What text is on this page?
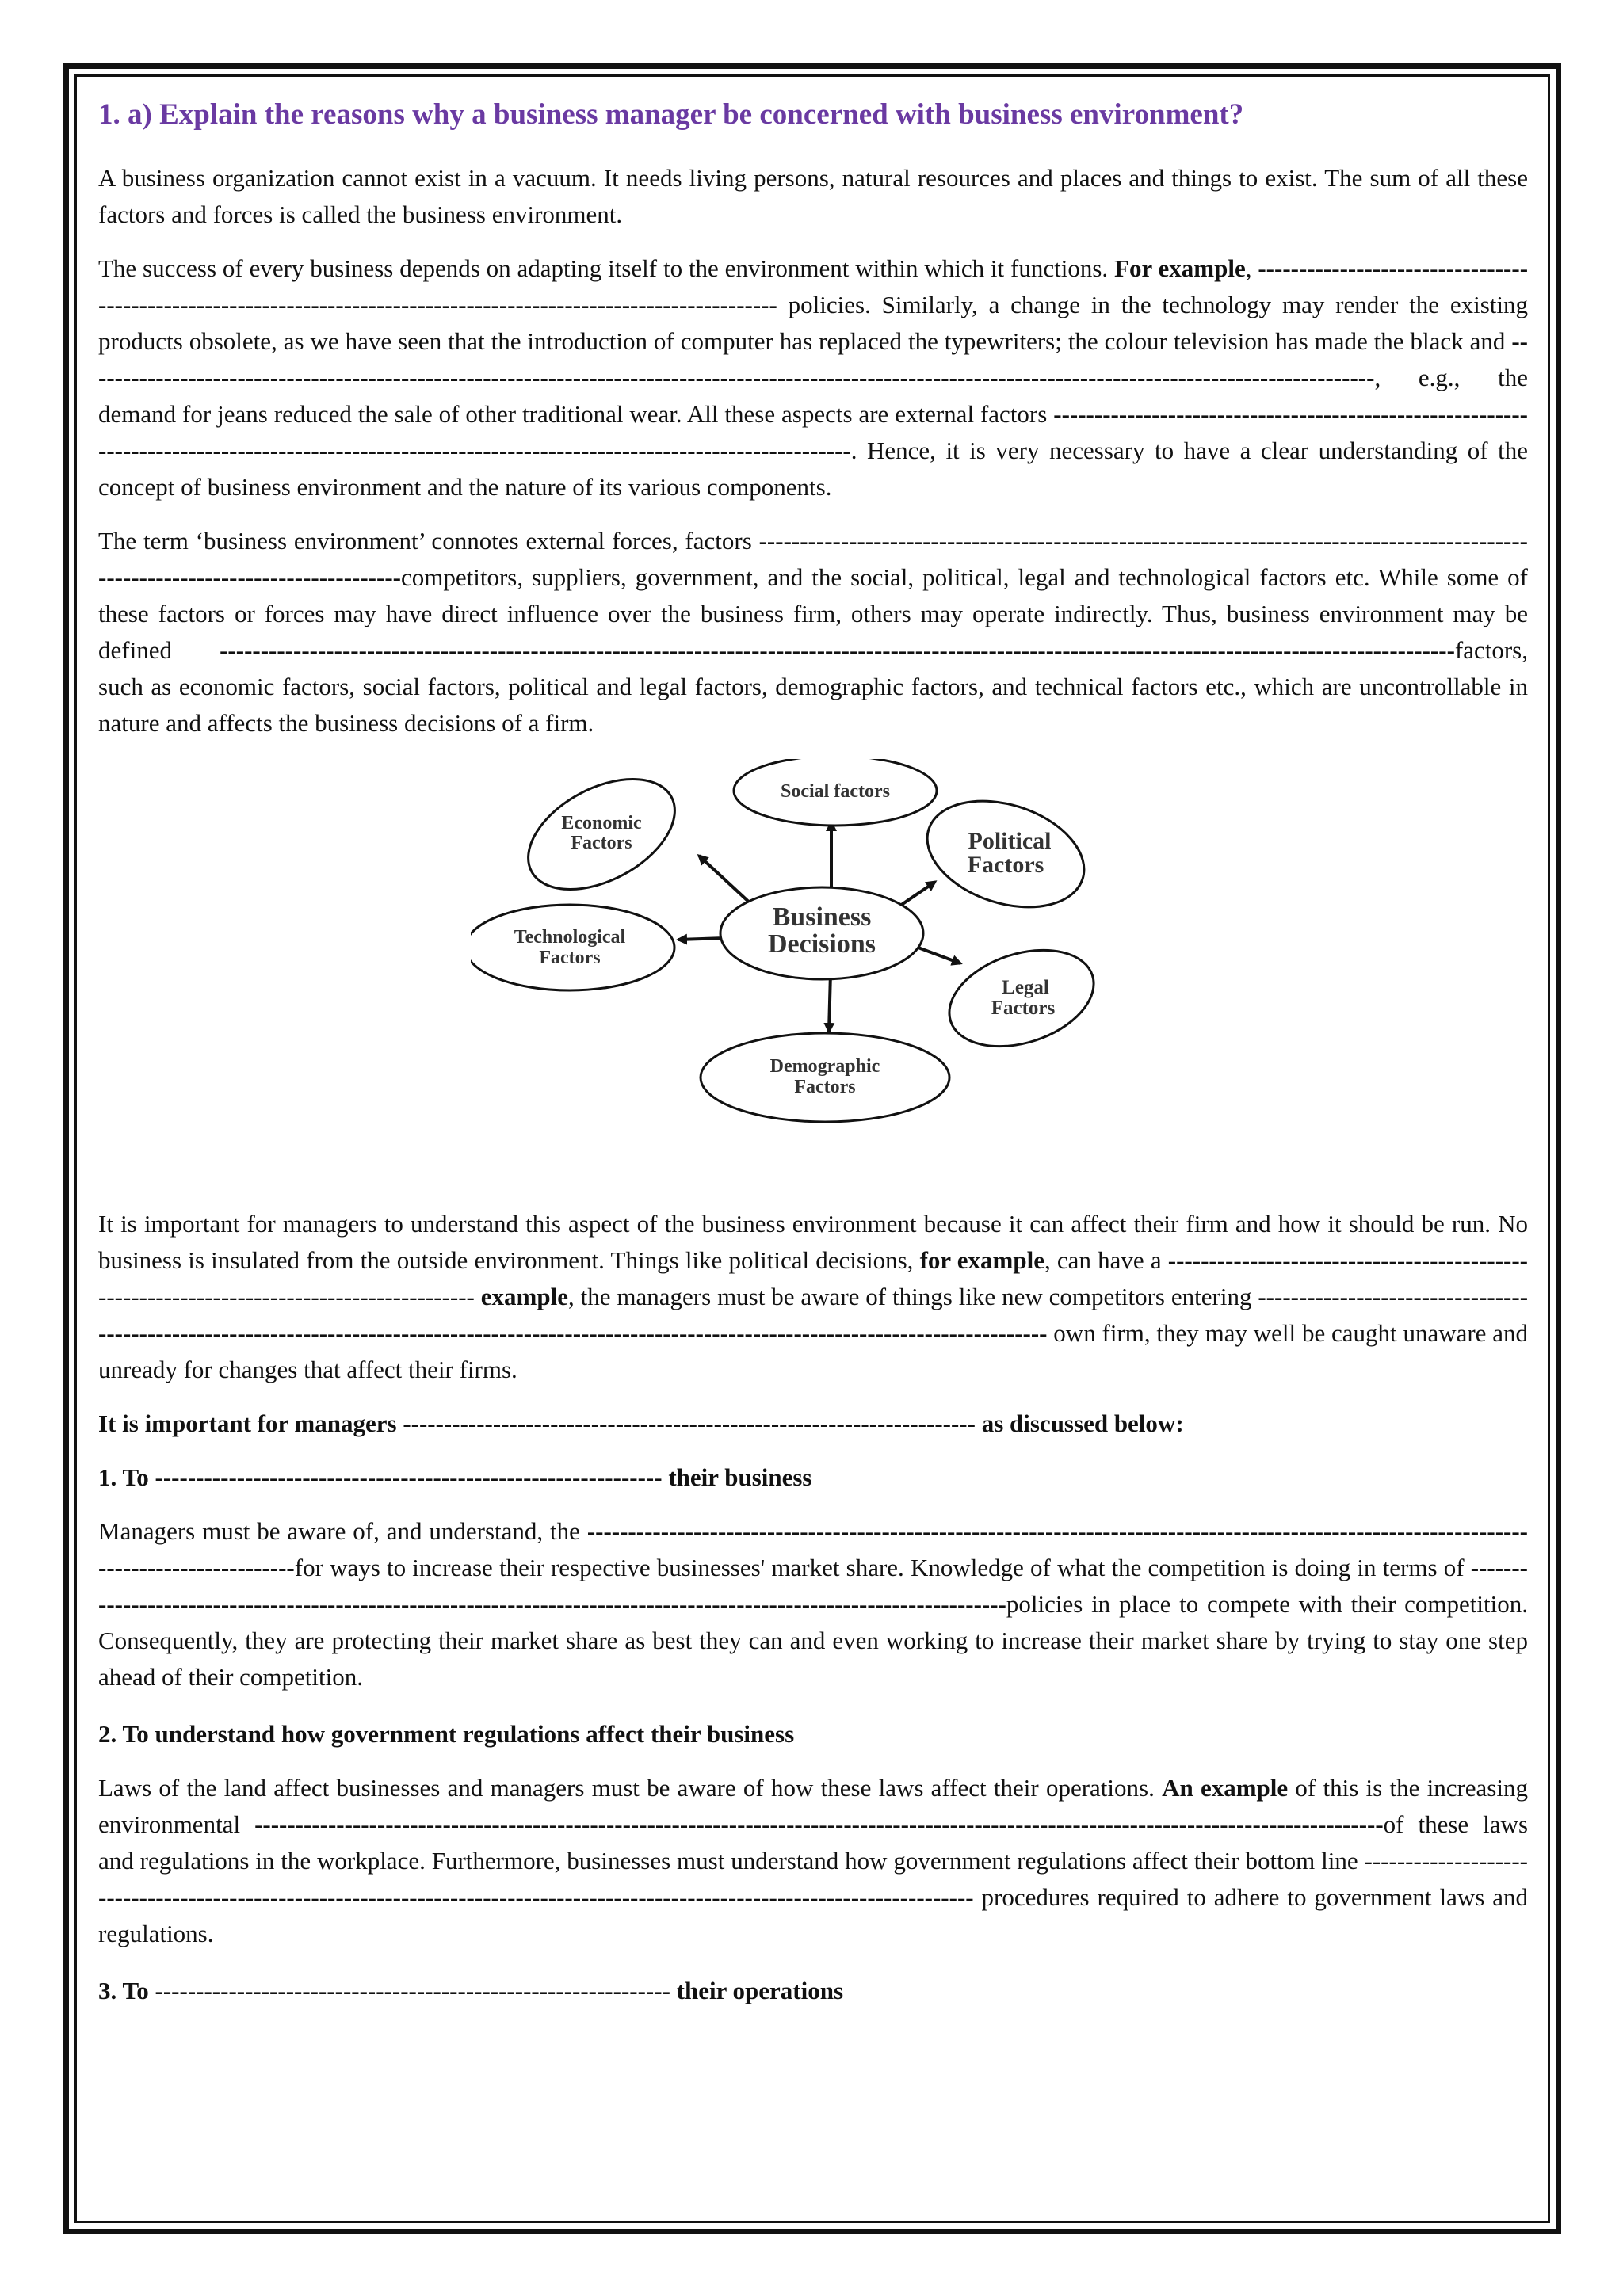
1. a) Explain the reasons why a business manager be concerned with business environment?

A business organization cannot exist in a vacuum. It needs living persons, natural resources and places and things to exist. The sum of all these factors and forces is called the business environment.

The success of every business depends on adapting itself to the environment within which it functions. For example, -------------------------------------------------------------------------------------------------------------------- policies. Similarly, a change in the technology may render the existing products obsolete, as we have seen that the introduction of computer has replaced the typewriters; the colour television has made the black and --------------------------------------------------------------------------------------------------------------------------------------------------------------, e.g., the demand for jeans reduced the sale of other traditional wear. All these aspects are external factors ------------------------------------------------------------------------------------------------------------------------------------------------------. Hence, it is very necessary to have a clear understanding of the concept of business environment and the nature of its various components.

The term ‘business environment’ connotes external forces, factors -----------------------------------------------------------------------------------------------------------------------------------competitors, suppliers, government, and the social, political, legal and technological factors etc. While some of these factors or forces may have direct influence over the business firm, others may operate indirectly. Thus, business environment may be defined -------------------------------------------------------------------------------------------------------------------------------------------------------factors, such as economic factors, social factors, political and legal factors, demographic factors, and technical factors etc., which are uncontrollable in nature and affects the business decisions of a firm.

Business
Decisions
Social factors
Economic
Factors
Technological
Factors
Demographic
Factors
Political
Factors
Legal
Factors

It is important for managers to understand this aspect of the business environment because it can affect their firm and how it should be run. No business is insulated from the outside environment. Things like political decisions, for example, can have a ------------------------------------------------------------------------------------------ example, the managers must be aware of things like new competitors entering ----------------------------------------------------------------------------------------------------------------------------------------------------- own firm, they may well be caught unaware and unready for changes that affect their firms.

It is important for managers ---------------------------------------------------------------------- as discussed below:

1. To -------------------------------------------------------------- their business

Managers must be aware of, and understand, the -------------------------------------------------------------------------------------------------------------------------------------------for ways to increase their respective businesses' market share. Knowledge of what the competition is doing in terms of ----------------------------------------------------------------------------------------------------------------------policies in place to compete with their competition. Consequently, they are protecting their market share as best they can and even working to increase their market share by trying to stay one step ahead of their competition.

2. To understand how government regulations affect their business

Laws of the land affect businesses and managers must be aware of how these laws affect their operations. An example of this is the increasing environmental ------------------------------------------------------------------------------------------------------------------------------------------of these laws and regulations in the workplace. Furthermore, businesses must understand how government regulations affect their bottom line ------------------------------------------------------------------------------------------------------------------------------- procedures required to adhere to government laws and regulations.

3. To --------------------------------------------------------------- their operations
